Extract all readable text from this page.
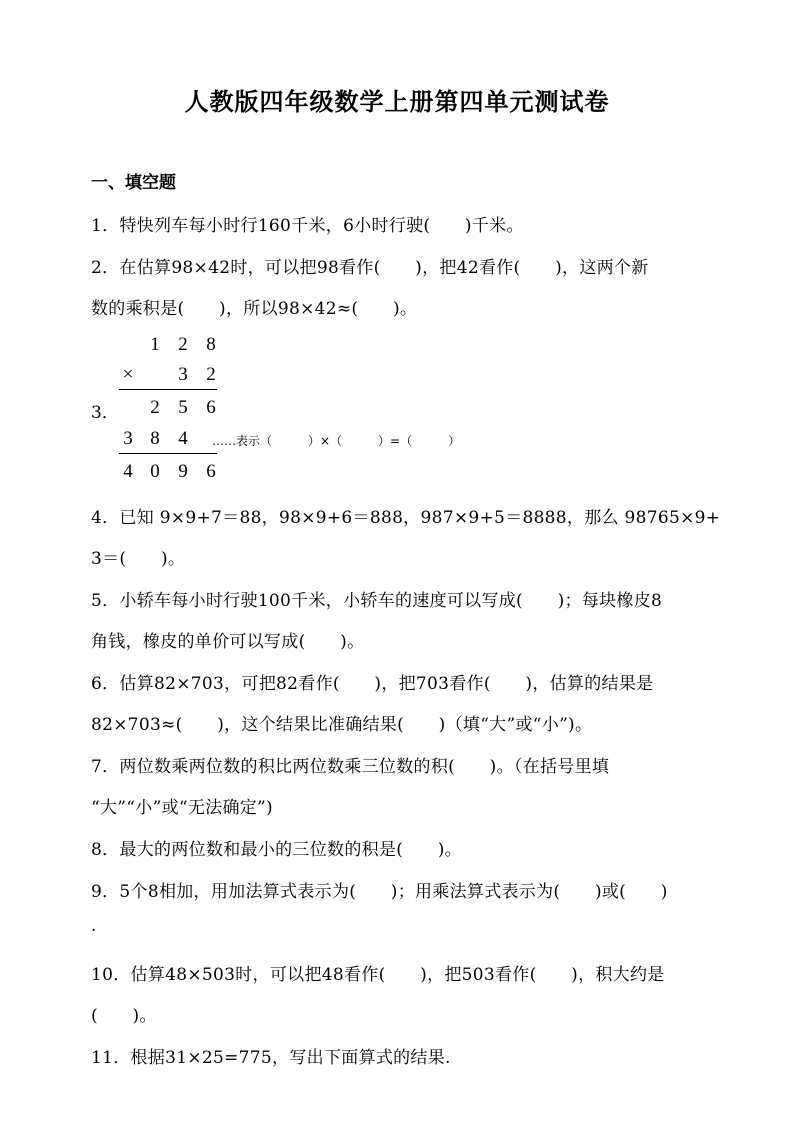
人教版四年级数学上册第四单元测试卷
一、填空题
1．特快列车每小时行160千米，6小时行驶(　　)千米。
2．在估算98×42时，可以把98看作(　　)，把42看作(　　)，这两个新
数的乘积是(　　)，所以98×42≈(　　)。
3．
1 2 8
× 3 2
2 5 6
3 8 4	……表示（　　　）×（　　　）=（　　　）
4 0 9 6
4．已知 9×9+7＝88，98×9+6＝888，987×9+5＝8888，那么 98765×9+
3＝(　　)。
5．小轿车每小时行驶100千米，小轿车的速度可以写成(　　)；每块橡皮8
角钱，橡皮的单价可以写成(　　)。
6．估算82×703，可把82看作(　　)，把703看作(　　)，估算的结果是
82×703≈(　　)，这个结果比准确结果(　　)（填“大”或“小”)。
7．两位数乘两位数的积比两位数乘三位数的积(　　)。（在括号里填
“大”“小”或“无法确定”)
8．最大的两位数和最小的三位数的积是(　　)。
9．5个8相加，用加法算式表示为(　　)；用乘法算式表示为(　　)或(　　)
.
10．估算48×503时，可以把48看作(　　)，把503看作(　　)，积大约是
(　　)。
11．根据31×25=775，写出下面算式的结果.
